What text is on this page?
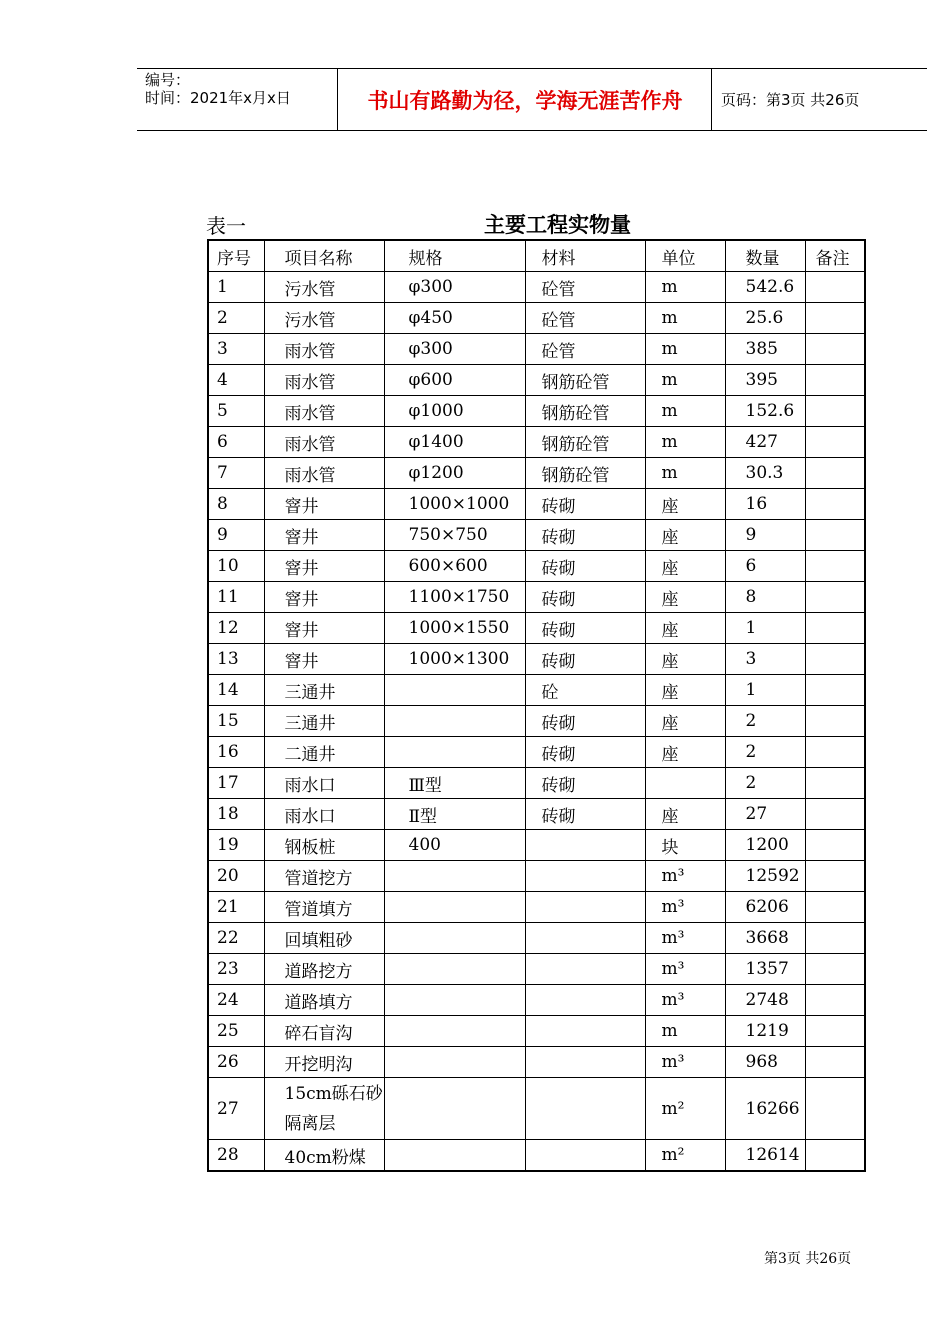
编号：
时间：2021年x月x日	书山有路勤为径，学海无涯苦作舟	页码：第3页 共26页
表一	主要工程实物量
序号	项目名称	规格	材料	单位	数量	备注
1	污水管	φ300	砼管	m	542.6	
2	污水管	φ450	砼管	m	25.6	
3	雨水管	φ300	砼管	m	385	
4	雨水管	φ600	钢筋砼管	m	395	
5	雨水管	φ1000	钢筋砼管	m	152.6	
6	雨水管	φ1400	钢筋砼管	m	427	
7	雨水管	φ1200	钢筋砼管	m	30.3	
8	窨井	1000×1000	砖砌	座	16	
9	窨井	750×750	砖砌	座	9	
10	窨井	600×600	砖砌	座	6	
11	窨井	1100×1750	砖砌	座	8	
12	窨井	1000×1550	砖砌	座	1	
13	窨井	1000×1300	砖砌	座	3	
14	三通井		砼	座	1	
15	三通井		砖砌	座	2	
16	二通井		砖砌	座	2	
17	雨水口	Ⅲ型	砖砌		2	
18	雨水口	Ⅱ型	砖砌	座	27	
19	钢板桩	400		块	1200	
20	管道挖方			m³	12592	
21	管道填方			m³	6206	
22	回填粗砂			m³	3668	
23	道路挖方			m³	1357	
24	道路填方			m³	2748	
25	碎石盲沟			m	1219	
26	开挖明沟			m³	968	
27	15cm砾石砂隔离层			m²	16266	
28	40cm粉煤			m²	12614	
第3页 共26页
